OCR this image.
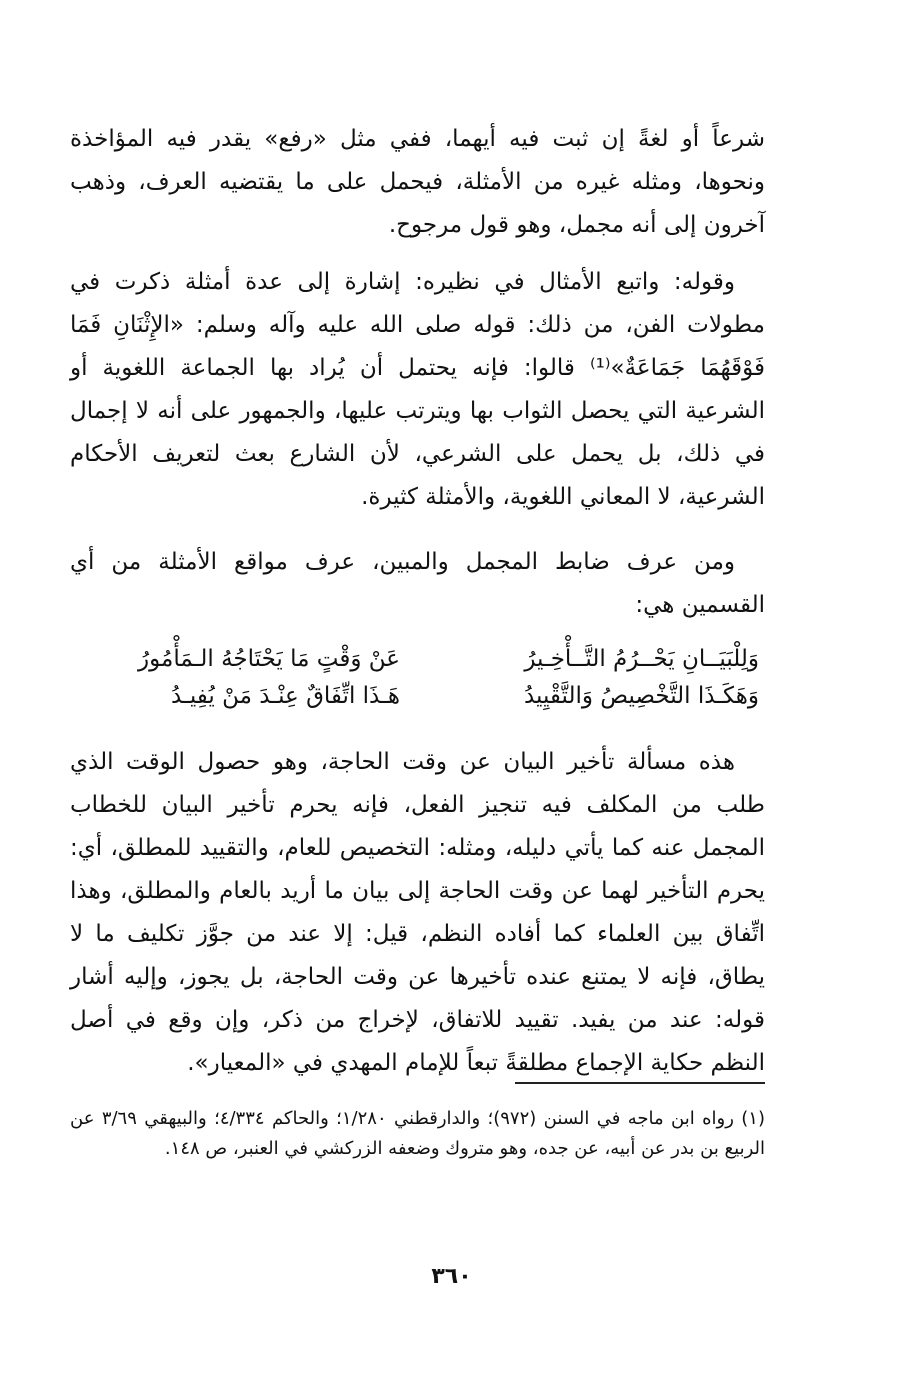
شرعاً أو لغةً إن ثبت فيه أيهما، ففي مثل «رفع» يقدر فيه المؤاخذة ونحوها، ومثله غيره من الأمثلة، فيحمل على ما يقتضيه العرف، وذهب آخرون إلى أنه مجمل، وهو قول مرجوح.

وقوله: واتبع الأمثال في نظيره: إشارة إلى عدة أمثلة ذكرت في مطولات الفن، من ذلك: قوله صلى الله عليه وآله وسلم: «الإِثْنَانِ فَمَا فَوْقَهُمَا جَمَاعَةٌ»⁽¹⁾ قالوا: فإنه يحتمل أن يُراد بها الجماعة اللغوية أو الشرعية التي يحصل الثواب بها ويترتب عليها، والجمهور على أنه لا إجمال في ذلك، بل يحمل على الشرعي، لأن الشارع بعث لتعريف الأحكام الشرعية، لا المعاني اللغوية، والأمثلة كثيرة.

ومن عرف ضابط المجمل والمبين، عرف مواقع الأمثلة من أي القسمين هي:

وَلِلْبَيَــانِ يَحْــرُمُ التَّــأْخِـيرُ
عَنْ وَقْتٍ مَا يَحْتَاجُهُ الـمَأْمُورُ
وَهَكَـذَا التَّخْصِيصُ وَالتَّقْيِيدُ
هَـذَا اتِّفَاقٌ عِنْـدَ مَنْ يُفِيـدُ

هذه مسألة تأخير البيان عن وقت الحاجة، وهو حصول الوقت الذي طلب من المكلف فيه تنجيز الفعل، فإنه يحرم تأخير البيان للخطاب المجمل عنه كما يأتي دليله، ومثله: التخصيص للعام، والتقييد للمطلق، أي: يحرم التأخير لهما عن وقت الحاجة إلى بيان ما أريد بالعام والمطلق، وهذا اتِّفاق بين العلماء كما أفاده النظم، قيل: إلا عند من جوَّز تكليف ما لا يطاق، فإنه لا يمتنع عنده تأخيرها عن وقت الحاجة، بل يجوز، وإليه أشار قوله: عند من يفيد. تقييد للاتفاق، لإخراج من ذكر، وإن وقع في أصل النظم حكاية الإجماع مطلقةً تبعاً للإمام المهدي في «المعيار».

(١) رواه ابن ماجه في السنن (٩٧٢)؛ والدارقطني ١/٢٨٠؛ والحاكم ٤/٣٣٤؛ والبيهقي ٣/٦٩ عن الربيع بن بدر عن أبيه، عن جده، وهو متروك وضعفه الزركشي في العنبر، ص ١٤٨.

٣٦٠
